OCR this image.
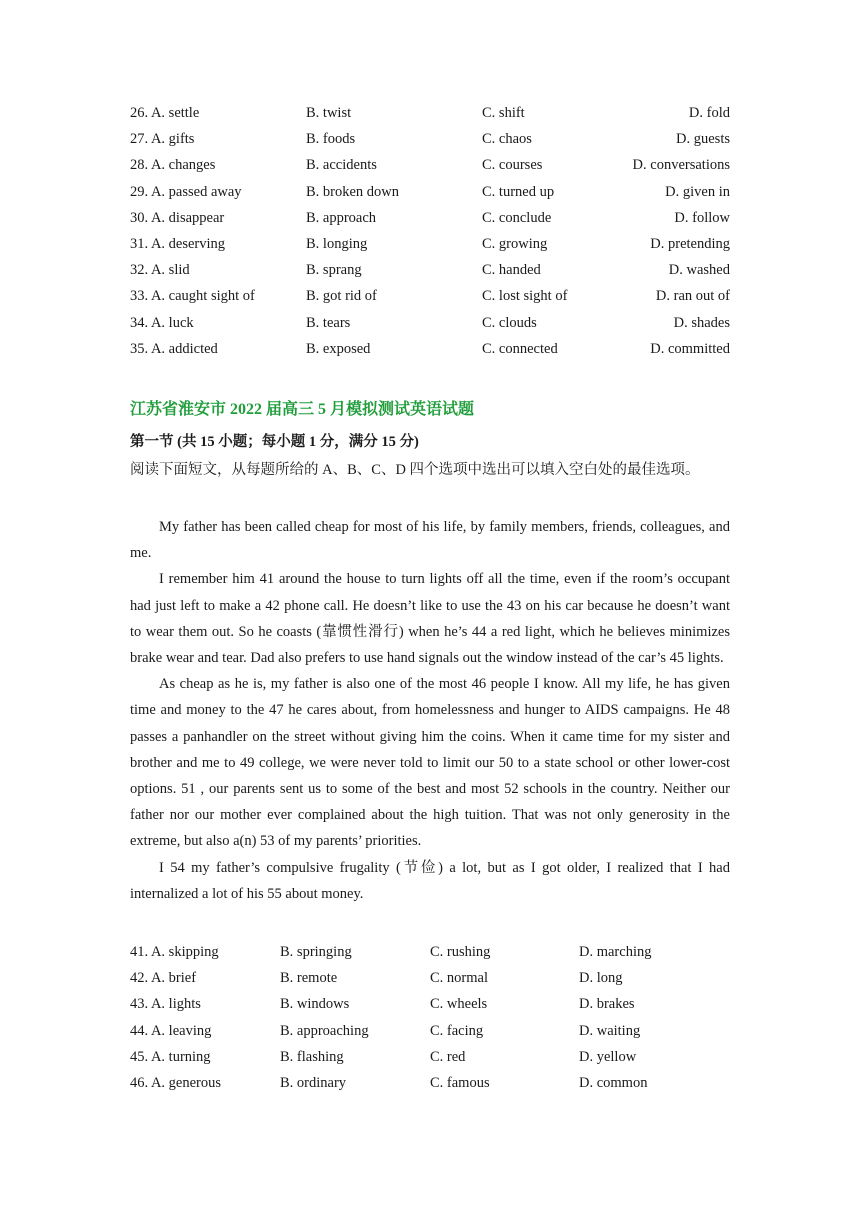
26. A. settle	B. twist	C. shift	D. fold
27. A. gifts	B. foods	C. chaos	D. guests
28. A. changes	B. accidents	C. courses	D. conversations
29. A. passed away	B. broken down	C. turned up	D. given in
30. A. disappear	B. approach	C. conclude	D. follow
31. A. deserving	B. longing	C. growing	D. pretending
32. A. slid	B. sprang	C. handed	D. washed
33. A. caught sight of	B. got rid of	C. lost sight of	D. ran out of
34. A. luck	B. tears	C. clouds	D. shades
35. A. addicted	B. exposed	C. connected	D. committed
江苏省淮安市 2022 届高三 5 月模拟测试英语试题
第一节 (共 15 小题；每小题 1 分，满分 15 分)
阅读下面短文，从每题所给的 A、B、C、D 四个选项中选出可以填入空白处的最佳选项。

My father has been called cheap for most of his life, by family members, friends, colleagues, and me.

I remember him 41 around the house to turn lights off all the time, even if the room’s occupant had just left to make a 42 phone call. He doesn’t like to use the 43 on his car because he doesn’t want to wear them out. So he coasts (靠惯性滑行) when he’s 44 a red light, which he believes minimizes brake wear and tear. Dad also prefers to use hand signals out the window instead of the car’s 45 lights.

As cheap as he is, my father is also one of the most 46 people I know. All my life, he has given time and money to the 47 he cares about, from homelessness and hunger to AIDS campaigns. He 48 passes a panhandler on the street without giving him the coins. When it came time for my sister and brother and me to 49 college, we were never told to limit our 50 to a state school or other lower-cost options. 51 , our parents sent us to some of the best and most 52 schools in the country. Neither our father nor our mother ever complained about the high tuition. That was not only generosity in the extreme, but also a(n) 53 of my parents’ priorities.

I 54 my father’s compulsive frugality (节俭) a lot, but as I got older, I realized that I had internalized a lot of his 55 about money.

41. A. skipping	B. springing	C. rushing	D. marching
42. A. brief	B. remote	C. normal	D. long
43. A. lights	B. windows	C. wheels	D. brakes
44. A. leaving	B. approaching	C. facing	D. waiting
45. A. turning	B. flashing	C. red	D. yellow
46. A. generous	B. ordinary	C. famous	D. common
